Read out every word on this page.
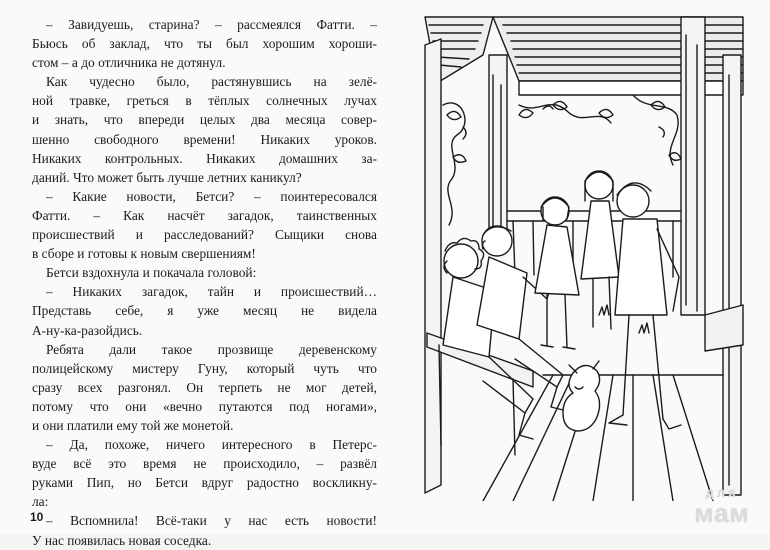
– Завидуешь, старина? – рассмеялся Фатти. –
Бьюсь об заклад, что ты был хорошим хороши-
стом – а до отличника не дотянул.
Как чудесно было, растянувшись на зелё-
ной травке, греться в тёплых солнечных лучах
и знать, что впереди целых два месяца совер-
шенно свободного времени! Никаких уроков.
Никаких контрольных. Никаких домашних за-
даний. Что может быть лучше летних каникул?
– Какие новости, Бетси? – поинтересовался
Фатти. – Как насчёт загадок, таинственных
происшествий и расследований? Сыщики снова
в сборе и готовы к новым свершениям!
Бетси вздохнула и покачала головой:
– Никаких загадок, тайн и происшествий…
Представь себе, я уже месяц не видела
А-ну-ка-разойдись.
Ребята дали такое прозвище деревенскому
полицейскому мистеру Гуну, который чуть что
сразу всех разгонял. Он терпеть не мог детей,
потому что они «вечно путаются под ногами»,
и они платили ему той же монетой.
– Да, похоже, ничего интересного в Петерс-
вуде всё это время не происходило, – развёл
руками Пип, но Бетси вдруг радостно воскликну-
ла:
– Вспомнила! Всё-таки у нас есть новости!
У нас появилась новая соседка.
10
для
мам
